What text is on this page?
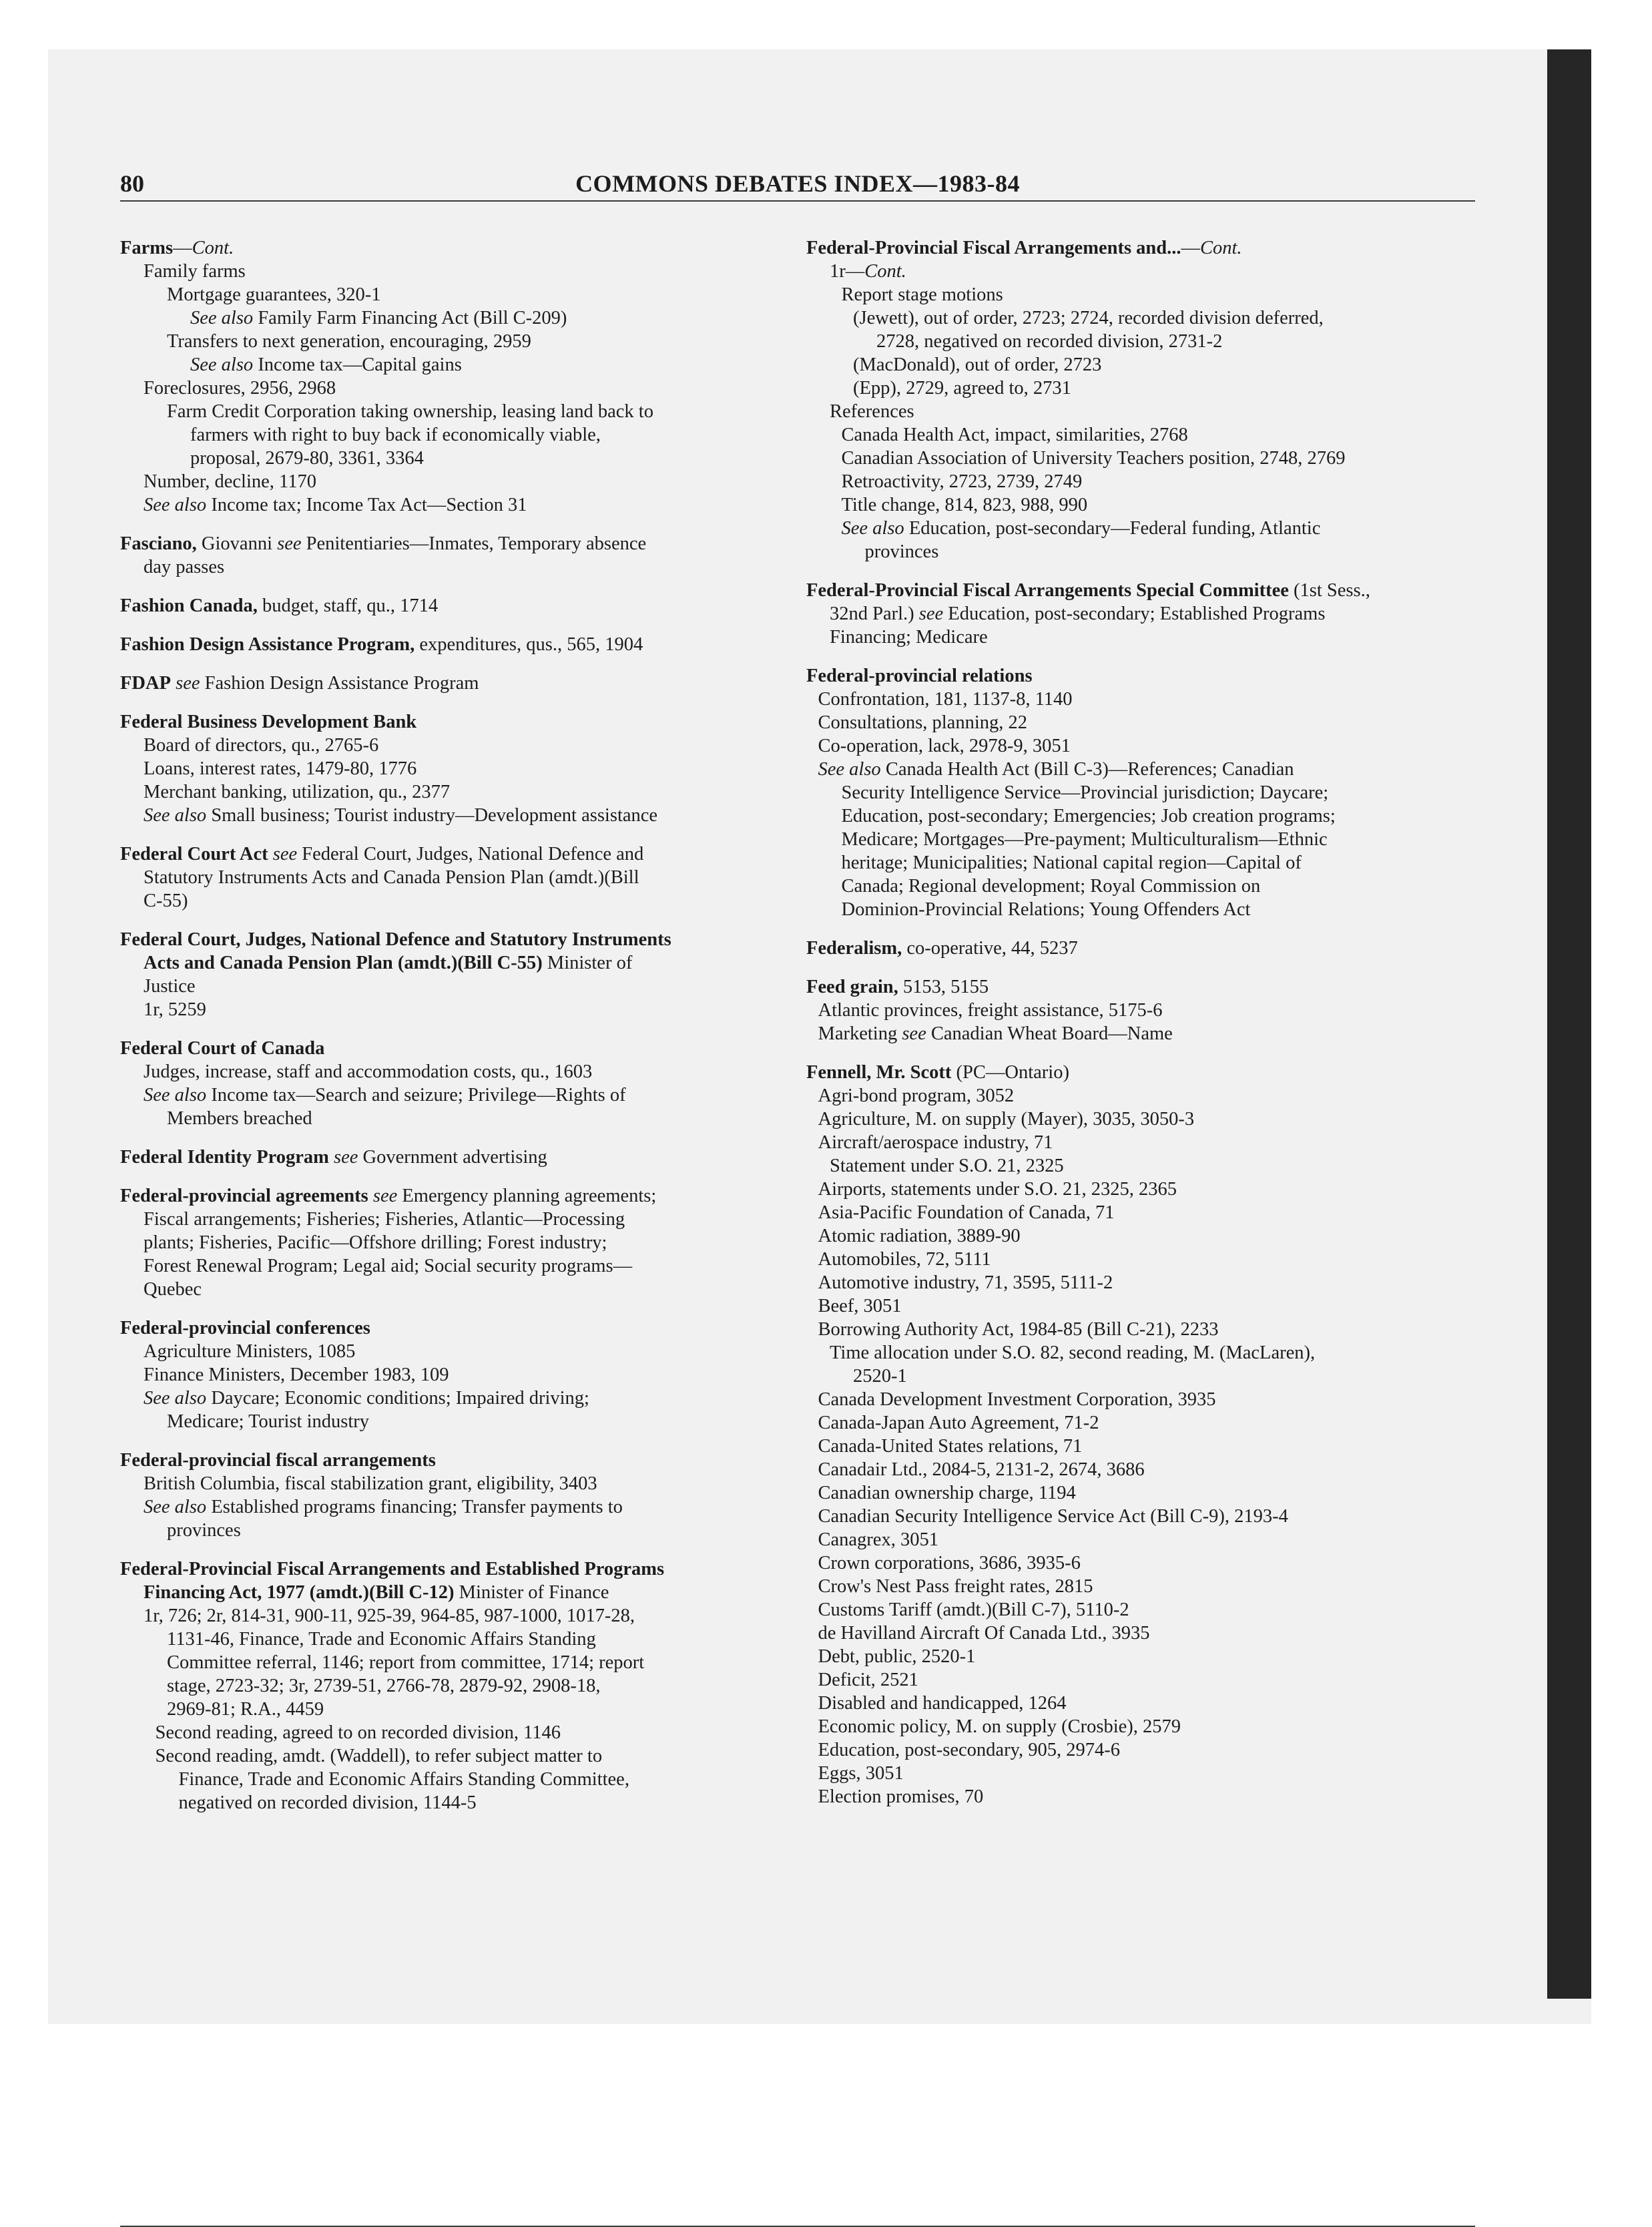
80	COMMONS DEBATES INDEX—1983-84
Farms—Cont.
Family farms
Mortgage guarantees, 320-1
See also Family Farm Financing Act (Bill C-209)
Transfers to next generation, encouraging, 2959
See also Income tax—Capital gains
Foreclosures, 2956, 2968
Farm Credit Corporation taking ownership, leasing land back to
farmers with right to buy back if economically viable,
proposal, 2679-80, 3361, 3364
Number, decline, 1170
See also Income tax; Income Tax Act—Section 31
Fasciano, Giovanni see Penitentiaries—Inmates, Temporary absence
day passes
Fashion Canada, budget, staff, qu., 1714
Fashion Design Assistance Program, expenditures, qus., 565, 1904
FDAP see Fashion Design Assistance Program
Federal Business Development Bank
Board of directors, qu., 2765-6
Loans, interest rates, 1479-80, 1776
Merchant banking, utilization, qu., 2377
See also Small business; Tourist industry—Development assistance
Federal Court Act see Federal Court, Judges, National Defence and
Statutory Instruments Acts and Canada Pension Plan (amdt.)(Bill
C-55)
Federal Court, Judges, National Defence and Statutory Instruments
Acts and Canada Pension Plan (amdt.)(Bill C-55) Minister of
Justice
1r, 5259
Federal Court of Canada
Judges, increase, staff and accommodation costs, qu., 1603
See also Income tax—Search and seizure; Privilege—Rights of
Members breached
Federal Identity Program see Government advertising
Federal-provincial agreements see Emergency planning agreements;
Fiscal arrangements; Fisheries; Fisheries, Atlantic—Processing
plants; Fisheries, Pacific—Offshore drilling; Forest industry;
Forest Renewal Program; Legal aid; Social security programs—
Quebec
Federal-provincial conferences
Agriculture Ministers, 1085
Finance Ministers, December 1983, 109
See also Daycare; Economic conditions; Impaired driving;
Medicare; Tourist industry
Federal-provincial fiscal arrangements
British Columbia, fiscal stabilization grant, eligibility, 3403
See also Established programs financing; Transfer payments to
provinces
Federal-Provincial Fiscal Arrangements and Established Programs
Financing Act, 1977 (amdt.)(Bill C-12) Minister of Finance
1r, 726; 2r, 814-31, 900-11, 925-39, 964-85, 987-1000, 1017-28,
1131-46, Finance, Trade and Economic Affairs Standing
Committee referral, 1146; report from committee, 1714; report
stage, 2723-32; 3r, 2739-51, 2766-78, 2879-92, 2908-18,
2969-81; R.A., 4459
Second reading, agreed to on recorded division, 1146
Second reading, amdt. (Waddell), to refer subject matter to
Finance, Trade and Economic Affairs Standing Committee,
negatived on recorded division, 1144-5
Federal-Provincial Fiscal Arrangements and...—Cont.
1r—Cont.
Report stage motions
(Jewett), out of order, 2723; 2724, recorded division deferred,
2728, negatived on recorded division, 2731-2
(MacDonald), out of order, 2723
(Epp), 2729, agreed to, 2731
References
Canada Health Act, impact, similarities, 2768
Canadian Association of University Teachers position, 2748, 2769
Retroactivity, 2723, 2739, 2749
Title change, 814, 823, 988, 990
See also Education, post-secondary—Federal funding, Atlantic
provinces
Federal-Provincial Fiscal Arrangements Special Committee (1st Sess.,
32nd Parl.) see Education, post-secondary; Established Programs
Financing; Medicare
Federal-provincial relations
Confrontation, 181, 1137-8, 1140
Consultations, planning, 22
Co-operation, lack, 2978-9, 3051
See also Canada Health Act (Bill C-3)—References; Canadian
Security Intelligence Service—Provincial jurisdiction; Daycare;
Education, post-secondary; Emergencies; Job creation programs;
Medicare; Mortgages—Pre-payment; Multiculturalism—Ethnic
heritage; Municipalities; National capital region—Capital of
Canada; Regional development; Royal Commission on
Dominion-Provincial Relations; Young Offenders Act
Federalism, co-operative, 44, 5237
Feed grain, 5153, 5155
Atlantic provinces, freight assistance, 5175-6
Marketing see Canadian Wheat Board—Name
Fennell, Mr. Scott (PC—Ontario)
Agri-bond program, 3052
Agriculture, M. on supply (Mayer), 3035, 3050-3
Aircraft/aerospace industry, 71
Statement under S.O. 21, 2325
Airports, statements under S.O. 21, 2325, 2365
Asia-Pacific Foundation of Canada, 71
Atomic radiation, 3889-90
Automobiles, 72, 5111
Automotive industry, 71, 3595, 5111-2
Beef, 3051
Borrowing Authority Act, 1984-85 (Bill C-21), 2233
Time allocation under S.O. 82, second reading, M. (MacLaren),
2520-1
Canada Development Investment Corporation, 3935
Canada-Japan Auto Agreement, 71-2
Canada-United States relations, 71
Canadair Ltd., 2084-5, 2131-2, 2674, 3686
Canadian ownership charge, 1194
Canadian Security Intelligence Service Act (Bill C-9), 2193-4
Canagrex, 3051
Crown corporations, 3686, 3935-6
Crow's Nest Pass freight rates, 2815
Customs Tariff (amdt.)(Bill C-7), 5110-2
de Havilland Aircraft Of Canada Ltd., 3935
Debt, public, 2520-1
Deficit, 2521
Disabled and handicapped, 1264
Economic policy, M. on supply (Crosbie), 2579
Education, post-secondary, 905, 2974-6
Eggs, 3051
Election promises, 70
